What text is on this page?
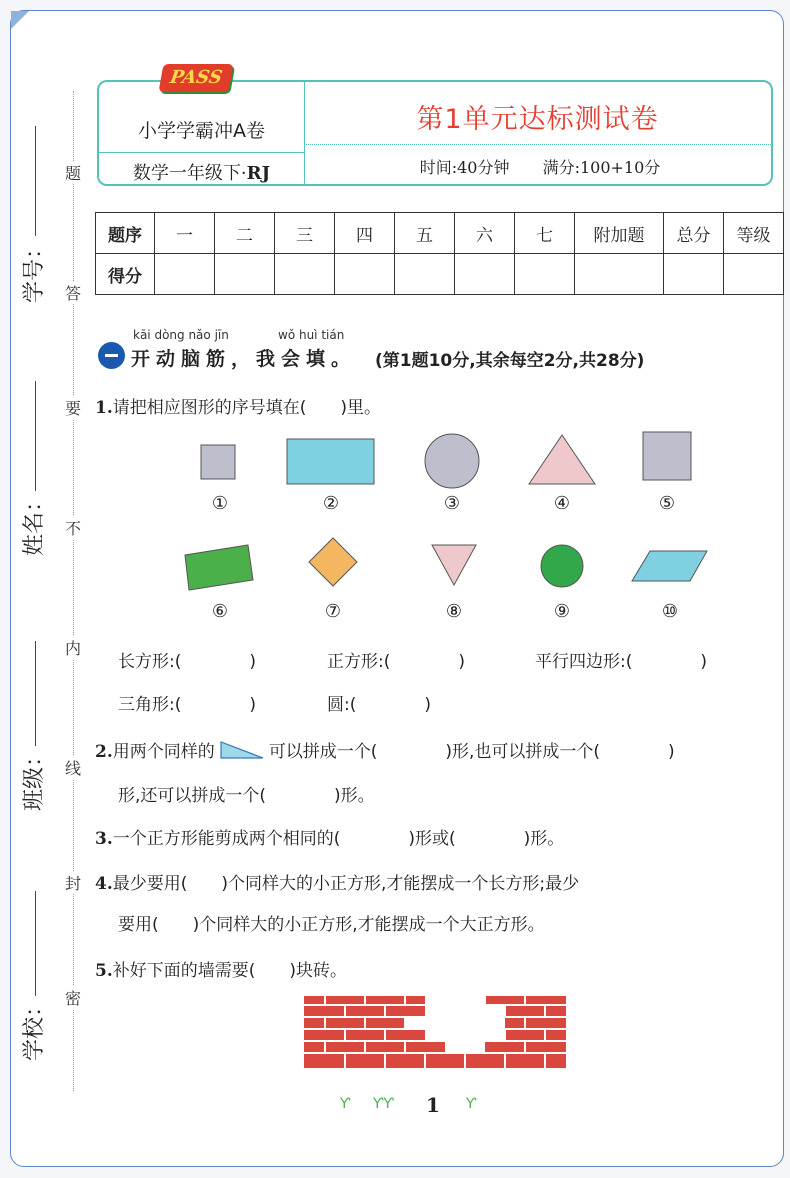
题
答
要
不
内
线
封
密
学号：
姓名：
班级：
学校：
PASS
小学学霸冲A卷
数学一年级下·RJ
第1单元达标测试卷
时间:40分钟 满分:100+10分
题序	一	二	三	四	五	六	七	附加题	总分	等级
得分										
kāi dòng nǎo jīn	wǒ huì tián
开动脑筋，我会填。 (第1题10分,其余每空2分,共28分)
1.请把相应图形的序号填在(　　)里。
①	②	③	④	⑤
⑥	⑦	⑧	⑨	⑩
长方形:(　　　　)	正方形:(　　　　)	平行四边形:(　　　　)
三角形:(　　　　)	圆:(　　　　)
2.用两个同样的	可以拼成一个(　　　　)形,也可以拼成一个(　　　　)
形,还可以拼成一个(　　　　)形。
3.一个正方形能剪成两个相同的(　　　　)形或(　　　　)形。
4.最少要用(　　)个同样大的小正方形,才能摆成一个长方形;最少
要用(　　)个同样大的小正方形,才能摆成一个大正方形。
5.补好下面的墙需要(　　)块砖。
Ƴ ƳƳ 1 Ƴ
